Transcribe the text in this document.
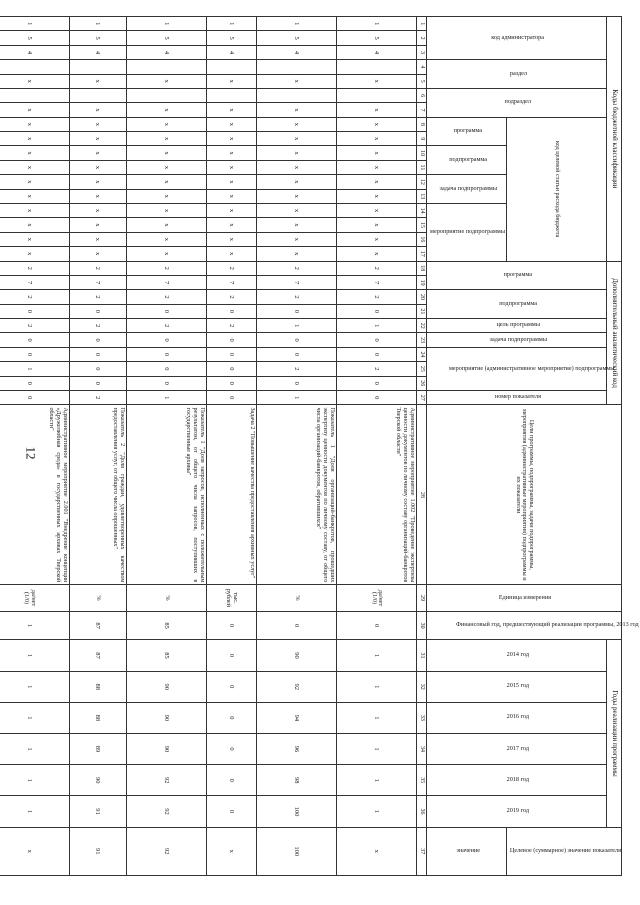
12
Коды бюджетной классификации																	Дополнительный аналитический код										Цели программы, подпрограммы, задачи подпрограммы, мероприятия (административные мероприятия) подпрограммы и их показатели	Единица измерения	Финансовый год, предшествующий реализации программы, 2013 год	Годы реализации программы						Целевое (суммарное) значение показателя
код администратора			раздел		подраздел		код целевой статьи расхода бюджета										программа		подпрограмма		цель программы	задача подпрограммы	мероприятие (административное мероприятие) подпрограммы			номер показателя				2014 год	2015 год	2016 год	2017 год	2018 год	2019 год	
							программа		подпрограмма		задача подпрограммы		мероприятие подпрограммы																							значение
1	2	3	4	5	6	7	8	9	10	11	12	13	14	15	16	17	18	19	20	21	22	23	24	25	26	27	28	29	30	31	32	33	34	35	36	37
1	5	4		x		x	x	x	x	x	x	x	x	x	x	x	2	7	2	0	1	0	0	2	0	0	Административное мероприятие 1.002 "Проведение экспертизы ценности документов по личному составу организаций-банкротов Тверской области"	да/нет (1/0)	0	1	1	1	1	1	1	x
1	5	4		x		x	x	x	x	x	x	x	x	x	x	x	2	7	2	0	1	0	0	2	0	1	Показатель 1 "Доля организаций-банкротов, прошедших экспертизу ценности документов по личному составу, от общего числа организаций-банкротов, обратившихся"	%	0	90	92	94	96	98	100	100
1	5	4		x		x	x	x	x	x	x	x	x	x	x	x	2	7	2	0	2	0	0	0	0	0	Задача 2 "Повышение качества предоставления архивных услуг"	тыс. рублей	0	0	0	0	0	0	0	x
1	5	4		x		x	x	x	x	x	x	x	x	x	x	x	2	7	2	0	2	0	0	0	0	1	Показатель 1 "Доля запросов, исполненных с положительным результатом, от общего числа запросов, поступивших в государственные архивы"	%	85	85	90	90	90	92	92	92
1	5	4		x		x	x	x	x	x	x	x	x	x	x	x	2	7	2	0	2	0	0	0	0	2	Показатель 2 "Доля граждан, удовлетворенных качеством предоставления услуг, от общего числа опрошенных"	%	87	87	88	88	89	90	91	91
1	5	4		x		x	x	x	x	x	x	x	x	x	x	x	2	7	2	0	2	0	0	1	0	0	Административное мероприятие 2.001 "Внедрение концепции «Дружелюбная среда» в государственных архивах Тверской области"	да/нет (1/0)	1	1	1	1	1	1	1	x
